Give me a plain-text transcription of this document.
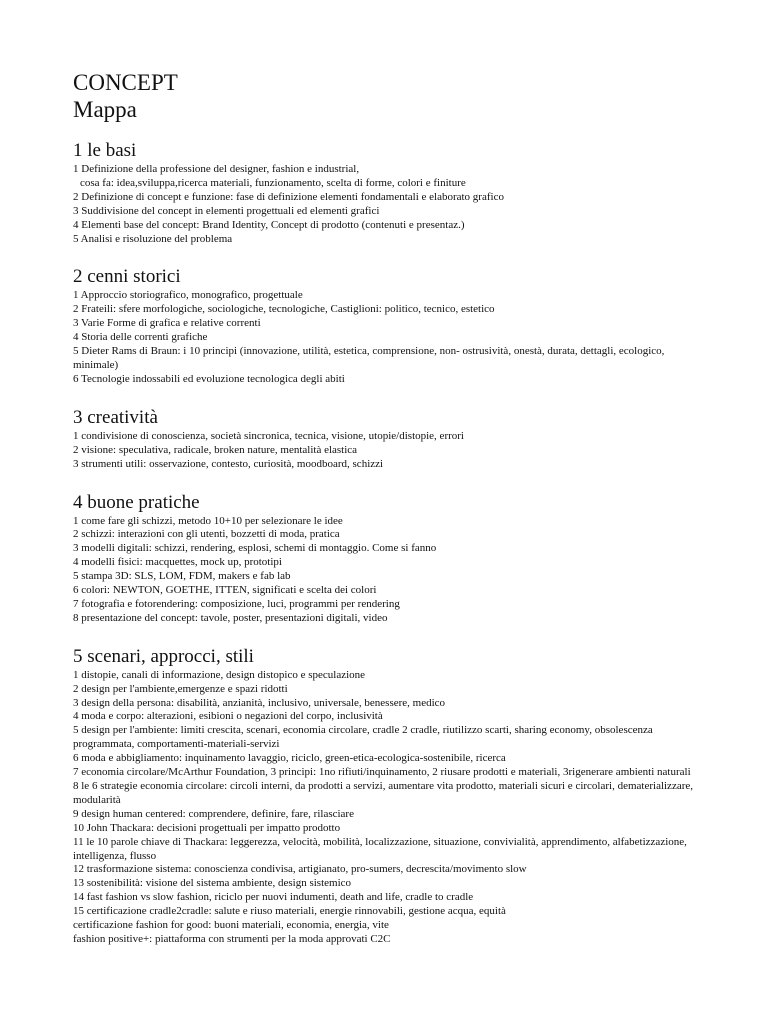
CONCEPT
Mappa
1 le basi
1 Definizione della professione del designer, fashion e industrial,
cosa fa: idea,sviluppa,ricerca materiali, funzionamento, scelta di forme, colori e finiture
2 Definizione di concept e funzione: fase di definizione elementi fondamentali e elaborato grafico
3 Suddivisione del concept in elementi progettuali ed elementi grafici
4 Elementi base del concept: Brand Identity, Concept di prodotto (contenuti e presentaz.)
5 Analisi e risoluzione del problema
2 cenni storici
1 Approccio storiografico, monografico, progettuale
2 Frateili: sfere morfologiche, sociologiche, tecnologiche, Castiglioni: politico, tecnico, estetico
3 Varie Forme di grafica e relative correnti
4 Storia delle correnti grafiche
5 Dieter Rams di Braun: i 10 principi (innovazione, utilità, estetica, comprensione, non- ostrusività, onestà, durata, dettagli, ecologico, minimale)
6 Tecnologie indossabili ed evoluzione tecnologica degli abiti
3 creatività
1 condivisione di conoscienza, società sincronica, tecnica, visione, utopie/distopie, errori
2 visione: speculativa, radicale, broken nature, mentalità elastica
3 strumenti utili: osservazione, contesto, curiosità, moodboard, schizzi
4 buone pratiche
1 come fare gli schizzi, metodo 10+10 per selezionare le idee
2 schizzi: interazioni con gli utenti, bozzetti di moda, pratica
3 modelli digitali: schizzi, rendering, esplosi, schemi di montaggio. Come si fanno
4 modelli fisici: macquettes, mock up, prototipi
5 stampa 3D: SLS, LOM, FDM, makers e fab lab
6 colori: NEWTON, GOETHE, ITTEN, significati e scelta dei colori
7 fotografia e fotorendering: composizione, luci, programmi per rendering
8 presentazione del concept: tavole, poster, presentazioni digitali, video
5 scenari, approcci, stili
1 distopie, canali di informazione, design distopico e speculazione
2 design per l'ambiente,emergenze e spazi ridotti
3 design della persona: disabilità, anzianità, inclusivo, universale, benessere, medico
4 moda e corpo: alterazioni, esibioni o negazioni del corpo, inclusività
5 design per l'ambiente: limiti crescita, scenari, economia circolare, cradle 2 cradle, riutilizzo scarti, sharing economy, obsolescenza programmata, comportamenti-materiali-servizi
6 moda e abbigliamento: inquinamento lavaggio, riciclo, green-etica-ecologica-sostenibile, ricerca
7 economia circolare/McArthur Foundation, 3 principi: 1no rifiuti/inquinamento, 2 riusare prodotti e materiali, 3rigenerare ambienti naturali
8 le 6 strategie economia circolare: circoli interni, da prodotti a servizi, aumentare vita prodotto, materiali sicuri e circolari, dematerializzare, modularità
9 design human centered: comprendere, definire, fare, rilasciare
10 John Thackara: decisioni progettuali per impatto prodotto
11 le 10 parole chiave di Thackara: leggerezza, velocità, mobilità, localizzazione, situazione, convivialità, apprendimento, alfabetizzazione, intelligenza, flusso
12 trasformazione sistema: conoscienza condivisa, artigianato, pro-sumers, decrescita/movimento slow
13 sostenibilità: visione del sistema ambiente, design sistemico
14 fast fashion vs slow fashion, riciclo per nuovi indumenti, death and life, cradle to cradle
15 certificazione cradle2cradle: salute e riuso materiali, energie rinnovabili, gestione acqua, equità
certificazione fashion for good: buoni materiali, economia, energia, vite
fashion positive+: piattaforma con strumenti per la moda approvati C2C
